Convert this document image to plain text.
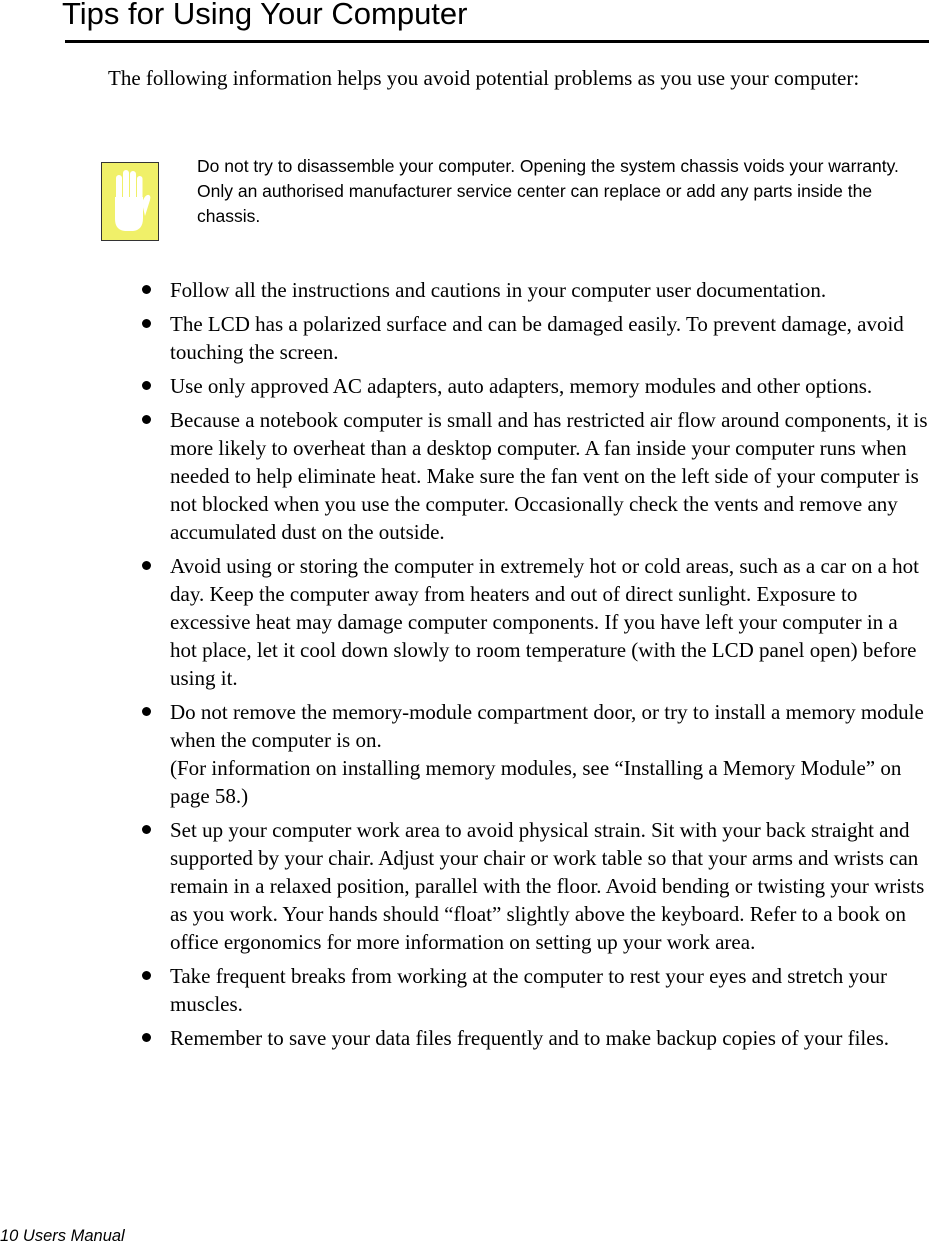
Tips for Using Your Computer
The following information helps you avoid potential problems as you use your computer:
Do not try to disassemble your computer. Opening the system chassis voids your warranty. Only an authorised manufacturer service center can replace or add any parts inside the chassis.
Follow all the instructions and cautions in your computer user documentation.
The LCD has a polarized surface and can be damaged easily. To prevent damage, avoid touching the screen.
Use only approved AC adapters, auto adapters, memory modules and other options.
Because a notebook computer is small and has restricted air flow around components, it is more likely to overheat than a desktop computer. A fan inside your computer runs when needed to help eliminate heat. Make sure the fan vent on the left side of your computer is not blocked when you use the computer. Occasionally check the vents and remove any accumulated dust on the outside.
Avoid using or storing the computer in extremely hot or cold areas, such as a car on a hot day. Keep the computer away from heaters and out of direct sunlight. Exposure to excessive heat may damage computer components. If you have left your computer in a hot place, let it cool down slowly to room temperature (with the LCD panel open) before using it.
Do not remove the memory-module compartment door, or try to install a memory module when the computer is on.
(For information on installing memory modules, see “Installing a Memory Module” on page 58.)
Set up your computer work area to avoid physical strain. Sit with your back straight and supported by your chair. Adjust your chair or work table so that your arms and wrists can remain in a relaxed position, parallel with the floor. Avoid bending or twisting your wrists as you work. Your hands should “float” slightly above the keyboard. Refer to a book on office ergonomics for more information on setting up your work area.
Take frequent breaks from working at the computer to rest your eyes and stretch your muscles.
Remember to save your data files frequently and to make backup copies of your files.
10 Users Manual
